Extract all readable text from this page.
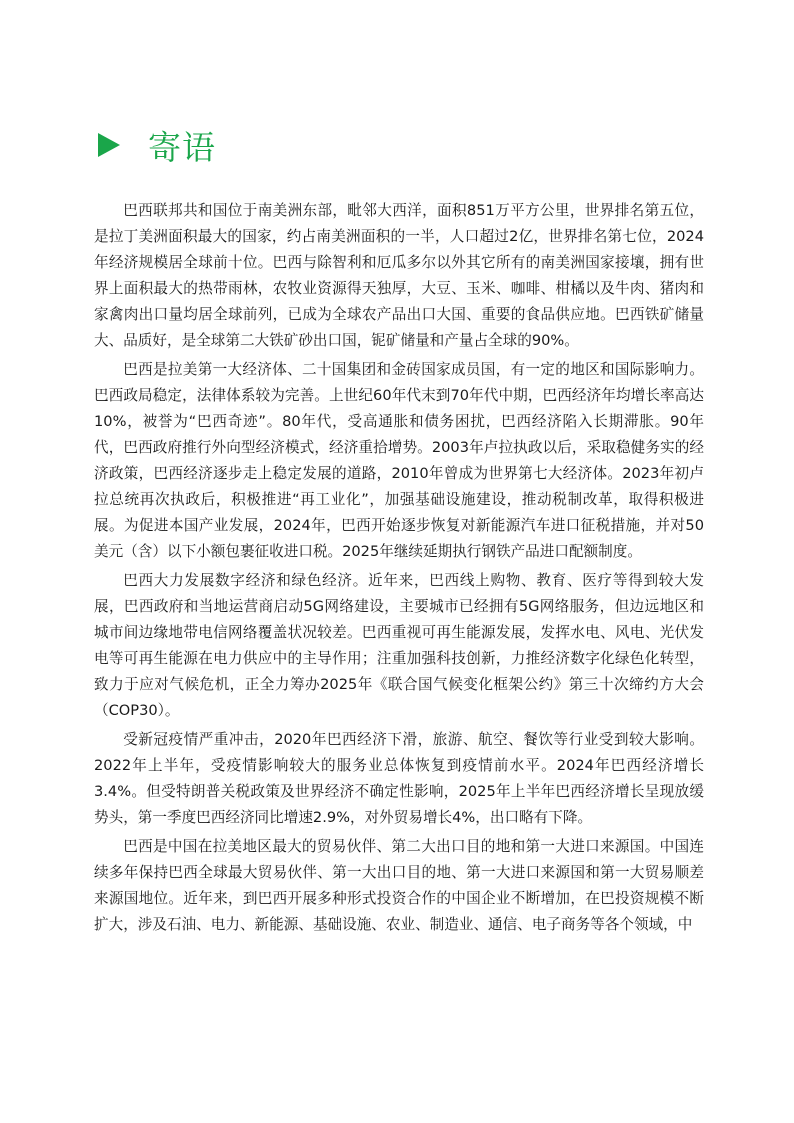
寄语

巴西联邦共和国位于南美洲东部，毗邻大西洋，面积851万平方公里，世界排名第五位，是拉丁美洲面积最大的国家，约占南美洲面积的一半，人口超过2亿，世界排名第七位，2024年经济规模居全球前十位。巴西与除智利和厄瓜多尔以外其它所有的南美洲国家接壤，拥有世界上面积最大的热带雨林，农牧业资源得天独厚，大豆、玉米、咖啡、柑橘以及牛肉、猪肉和家禽肉出口量均居全球前列，已成为全球农产品出口大国、重要的食品供应地。巴西铁矿储量大、品质好，是全球第二大铁矿砂出口国，铌矿储量和产量占全球的90%。

巴西是拉美第一大经济体、二十国集团和金砖国家成员国，有一定的地区和国际影响力。巴西政局稳定，法律体系较为完善。上世纪60年代末到70年代中期，巴西经济年均增长率高达10%，被誉为“巴西奇迹”。80年代，受高通胀和债务困扰，巴西经济陷入长期滞胀。90年代，巴西政府推行外向型经济模式，经济重拾增势。2003年卢拉执政以后，采取稳健务实的经济政策，巴西经济逐步走上稳定发展的道路，2010年曾成为世界第七大经济体。2023年初卢拉总统再次执政后，积极推进“再工业化”，加强基础设施建设，推动税制改革，取得积极进展。为促进本国产业发展，2024年，巴西开始逐步恢复对新能源汽车进口征税措施，并对50美元（含）以下小额包裹征收进口税。2025年继续延期执行钢铁产品进口配额制度。

巴西大力发展数字经济和绿色经济。近年来，巴西线上购物、教育、医疗等得到较大发展，巴西政府和当地运营商启动5G网络建设，主要城市已经拥有5G网络服务，但边远地区和城市间边缘地带电信网络覆盖状况较差。巴西重视可再生能源发展，发挥水电、风电、光伏发电等可再生能源在电力供应中的主导作用；注重加强科技创新，力推经济数字化绿色化转型，致力于应对气候危机，正全力筹办2025年《联合国气候变化框架公约》第三十次缔约方大会（COP30）。

受新冠疫情严重冲击，2020年巴西经济下滑，旅游、航空、餐饮等行业受到较大影响。2022年上半年，受疫情影响较大的服务业总体恢复到疫情前水平。2024年巴西经济增长3.4%。但受特朗普关税政策及世界经济不确定性影响，2025年上半年巴西经济增长呈现放缓势头，第一季度巴西经济同比增速2.9%，对外贸易增长4%，出口略有下降。

巴西是中国在拉美地区最大的贸易伙伴、第二大出口目的地和第一大进口来源国。中国连续多年保持巴西全球最大贸易伙伴、第一大出口目的地、第一大进口来源国和第一大贸易顺差来源国地位。近年来，到巴西开展多种形式投资合作的中国企业不断增加，在巴投资规模不断扩大，涉及石油、电力、新能源、基础设施、农业、制造业、通信、电子商务等各个领域，中
